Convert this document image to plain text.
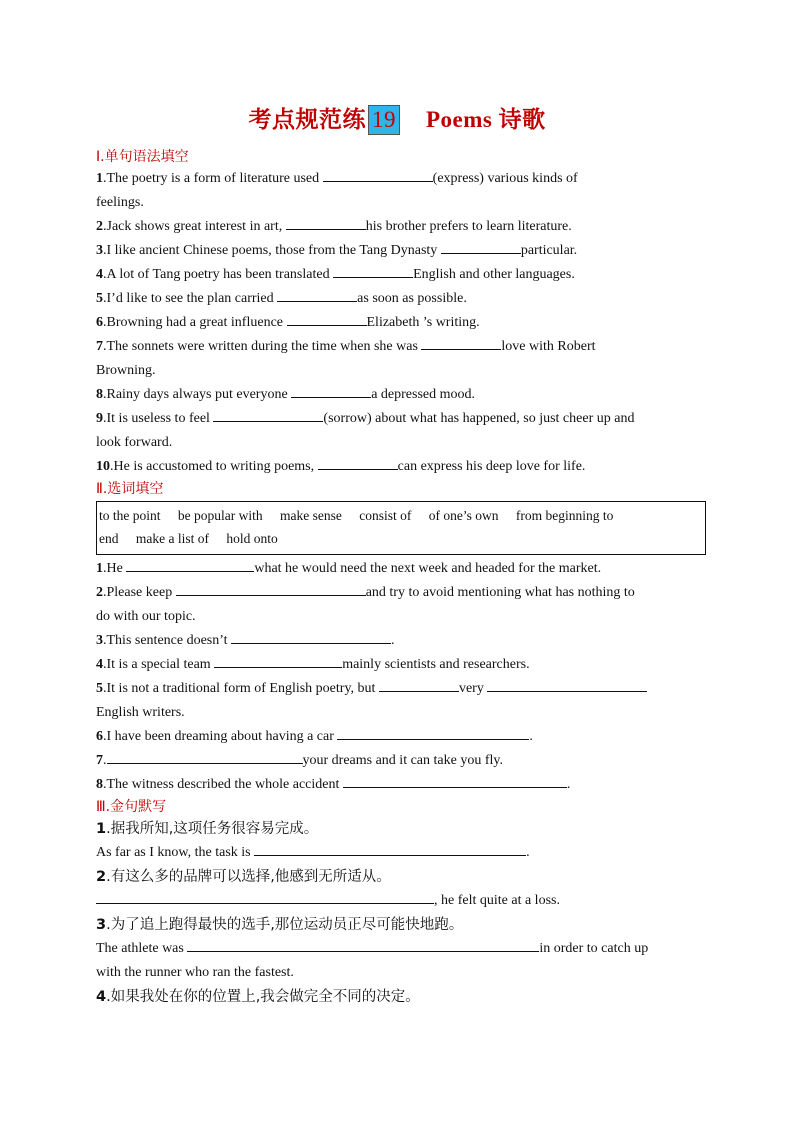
考点规范练 19 Poems 诗歌

Ⅰ.单句语法填空

1.The poetry is a form of literature used	(express) various kinds of

feelings.

2.Jack shows great interest in art,	his brother prefers to learn literature.

3.I like ancient Chinese poems, those from the Tang Dynasty	particular.

4.A lot of Tang poetry has been translated	English and other languages.

5.I’d like to see the plan carried	as soon as possible.

6.Browning had a great influence	Elizabeth ’s writing.

7.The sonnets were written during the time when she was	love with Robert

Browning.

8.Rainy days always put everyone	a depressed mood.

9.It is useless to feel	(sorrow) about what has happened, so just cheer up and

look forward.

10.He is accustomed to writing poems,	can express his deep love for life.

Ⅱ.选词填空

to the point be popular with make sense consist of of one’s own from beginning to
end make a list of hold onto

1.He	what he would need the next week and headed for the market.

2.Please keep	and try to avoid mentioning what has nothing to

do with our topic.

3.This sentence doesn’t	.

4.It is a special team	mainly scientists and researchers.

5.It is not a traditional form of English poetry, but	very

English writers.

6.I have been dreaming about having a car	.

7.	your dreams and it can take you fly.

8.The witness described the whole accident	.

Ⅲ.金句默写

1.据我所知,这项任务很容易完成。

As far as I know, the task is	.

2.有这么多的品牌可以选择,他感到无所适从。

, he felt quite at a loss.

3.为了追上跑得最快的选手,那位运动员正尽可能快地跑。

The athlete was	in order to catch up

with the runner who ran the fastest.

4.如果我处在你的位置上,我会做完全不同的决定。
